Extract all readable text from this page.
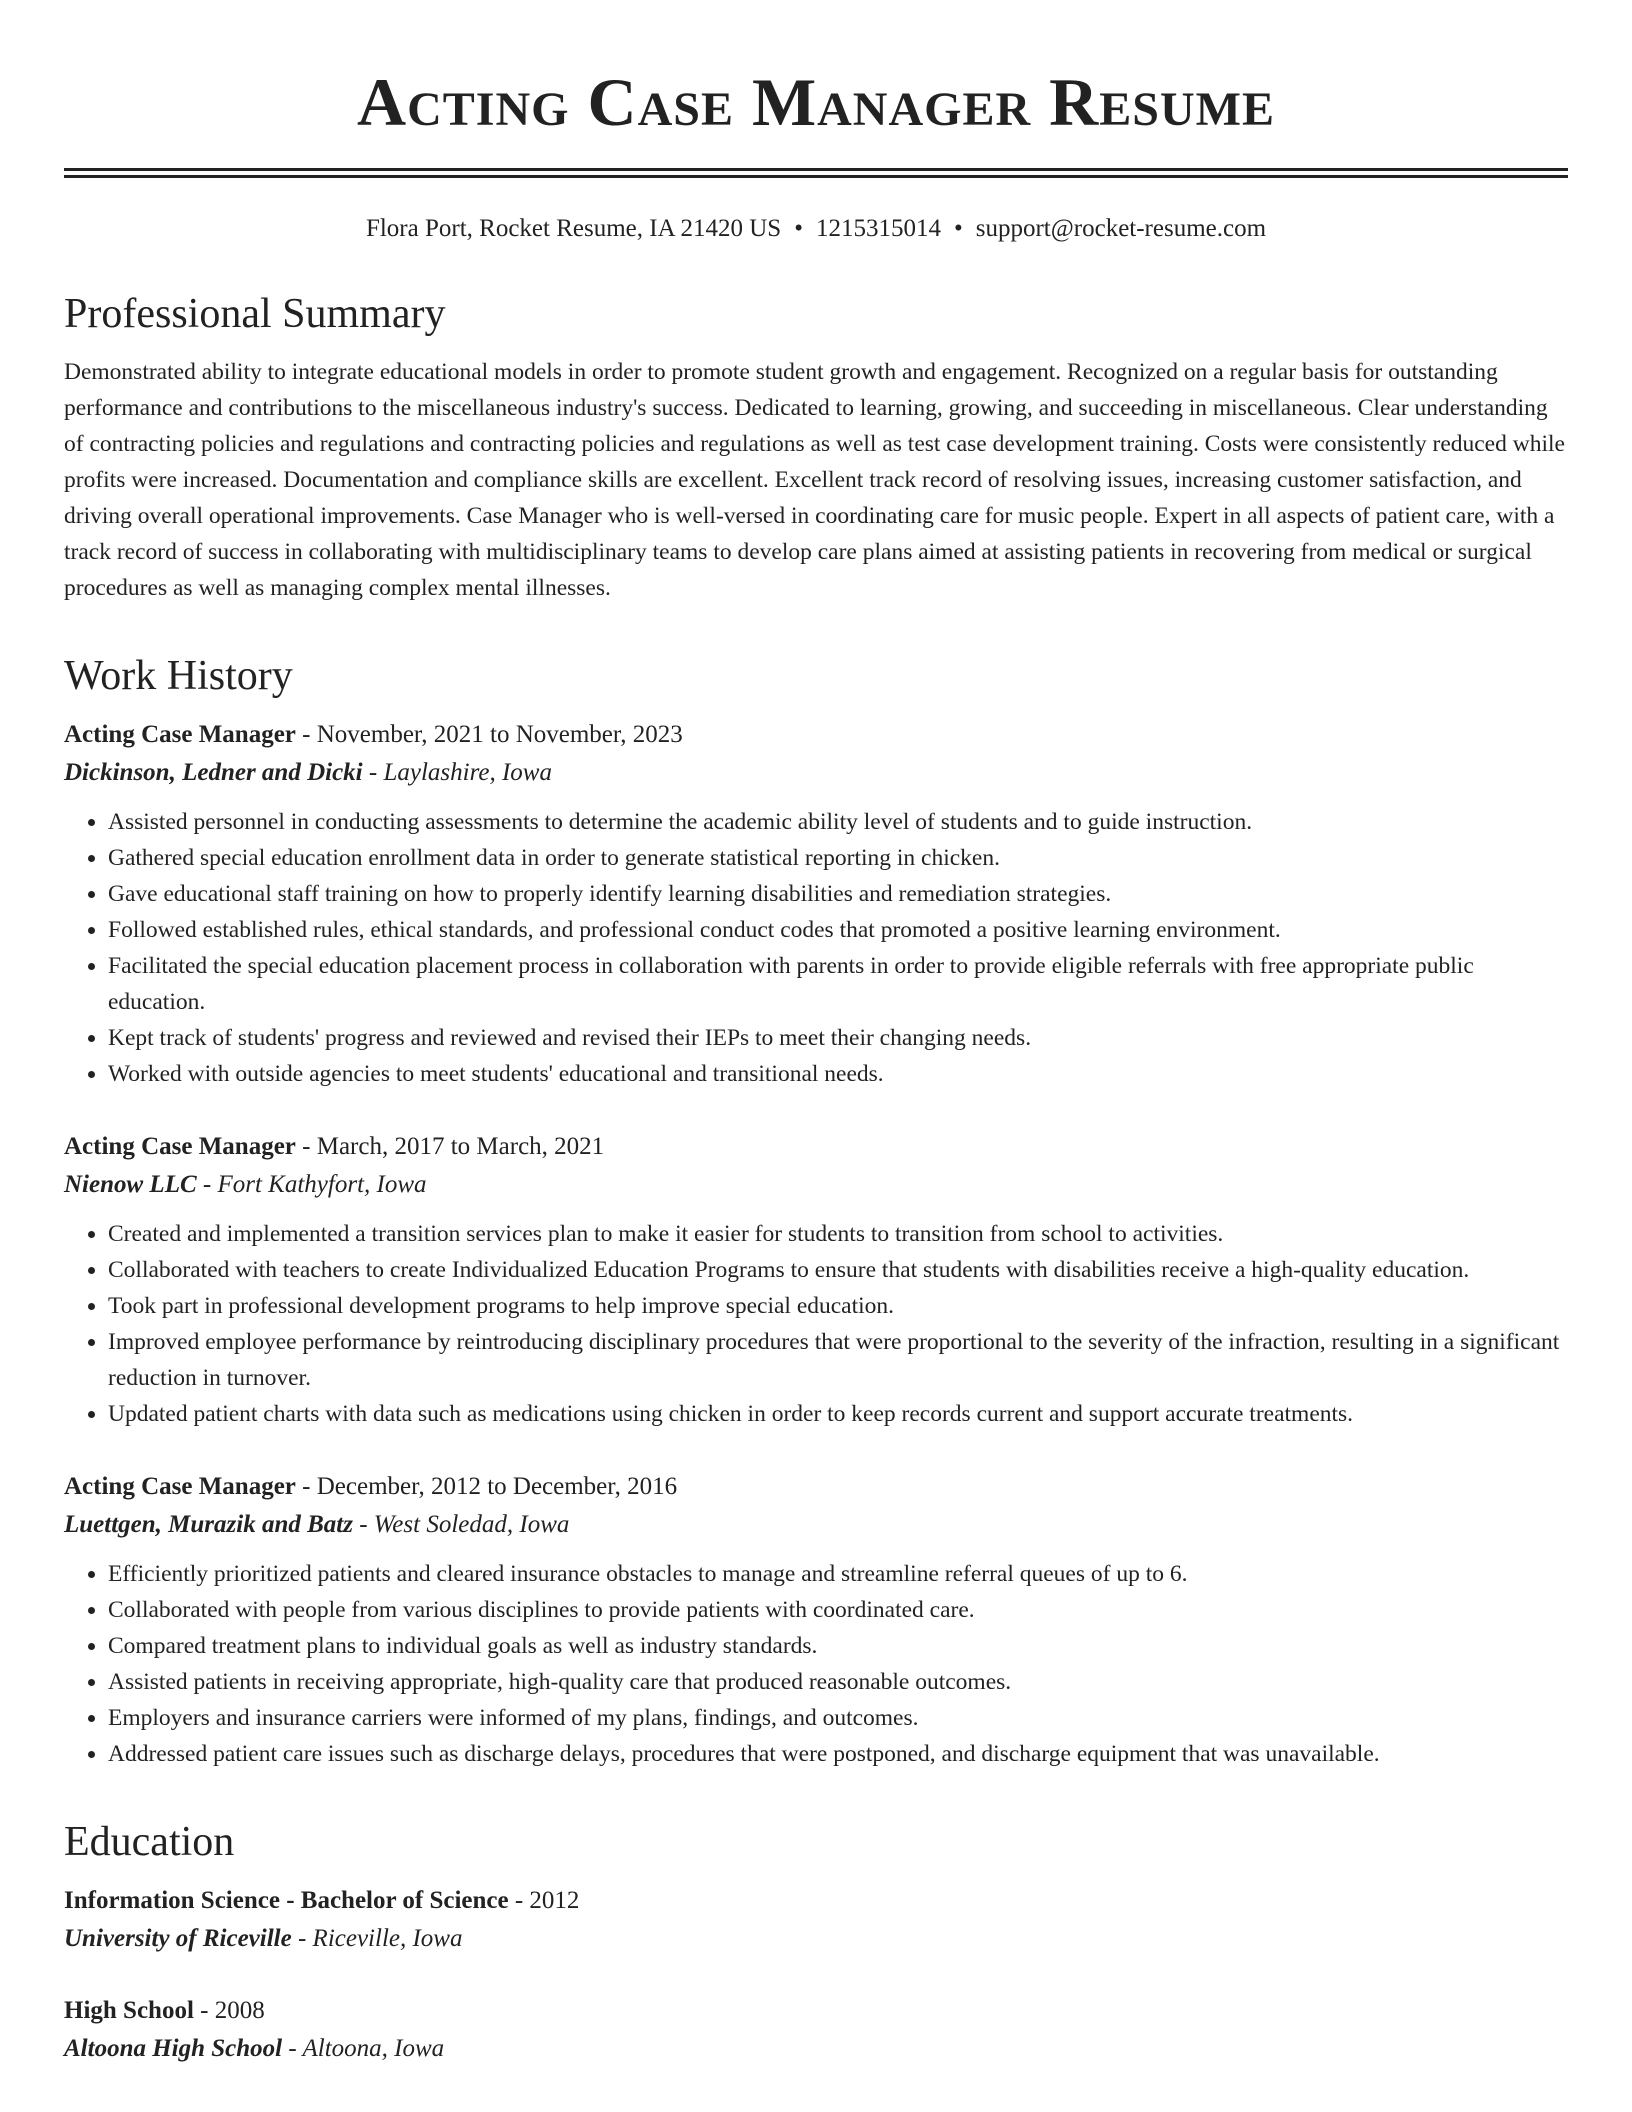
Acting Case Manager Resume
Flora Port, Rocket Resume, IA 21420 US • 1215315014 • support@rocket-resume.com
Professional Summary

Demonstrated ability to integrate educational models in order to promote student growth and engagement. Recognized on a regular basis for outstanding performance and contributions to the miscellaneous industry's success. Dedicated to learning, growing, and succeeding in miscellaneous. Clear understanding of contracting policies and regulations and contracting policies and regulations as well as test case development training. Costs were consistently reduced while profits were increased. Documentation and compliance skills are excellent. Excellent track record of resolving issues, increasing customer satisfaction, and driving overall operational improvements. Case Manager who is well-versed in coordinating care for music people. Expert in all aspects of patient care, with a track record of success in collaborating with multidisciplinary teams to develop care plans aimed at assisting patients in recovering from medical or surgical procedures as well as managing complex mental illnesses.

Work History
Acting Case Manager - November, 2021 to November, 2023
Dickinson, Ledner and Dicki - Laylashire, Iowa
• Assisted personnel in conducting assessments to determine the academic ability level of students and to guide instruction.
• Gathered special education enrollment data in order to generate statistical reporting in chicken.
• Gave educational staff training on how to properly identify learning disabilities and remediation strategies.
• Followed established rules, ethical standards, and professional conduct codes that promoted a positive learning environment.
• Facilitated the special education placement process in collaboration with parents in order to provide eligible referrals with free appropriate public education.
• Kept track of students' progress and reviewed and revised their IEPs to meet their changing needs.
• Worked with outside agencies to meet students' educational and transitional needs.
Acting Case Manager - March, 2017 to March, 2021
Nienow LLC - Fort Kathyfort, Iowa
• Created and implemented a transition services plan to make it easier for students to transition from school to activities.
• Collaborated with teachers to create Individualized Education Programs to ensure that students with disabilities receive a high-quality education.
• Took part in professional development programs to help improve special education.
• Improved employee performance by reintroducing disciplinary procedures that were proportional to the severity of the infraction, resulting in a significant reduction in turnover.
• Updated patient charts with data such as medications using chicken in order to keep records current and support accurate treatments.
Acting Case Manager - December, 2012 to December, 2016
Luettgen, Murazik and Batz - West Soledad, Iowa
• Efficiently prioritized patients and cleared insurance obstacles to manage and streamline referral queues of up to 6.
• Collaborated with people from various disciplines to provide patients with coordinated care.
• Compared treatment plans to individual goals as well as industry standards.
• Assisted patients in receiving appropriate, high-quality care that produced reasonable outcomes.
• Employers and insurance carriers were informed of my plans, findings, and outcomes.
• Addressed patient care issues such as discharge delays, procedures that were postponed, and discharge equipment that was unavailable.
Education
Information Science - Bachelor of Science - 2012
University of Riceville - Riceville, Iowa
High School - 2008
Altoona High School - Altoona, Iowa
